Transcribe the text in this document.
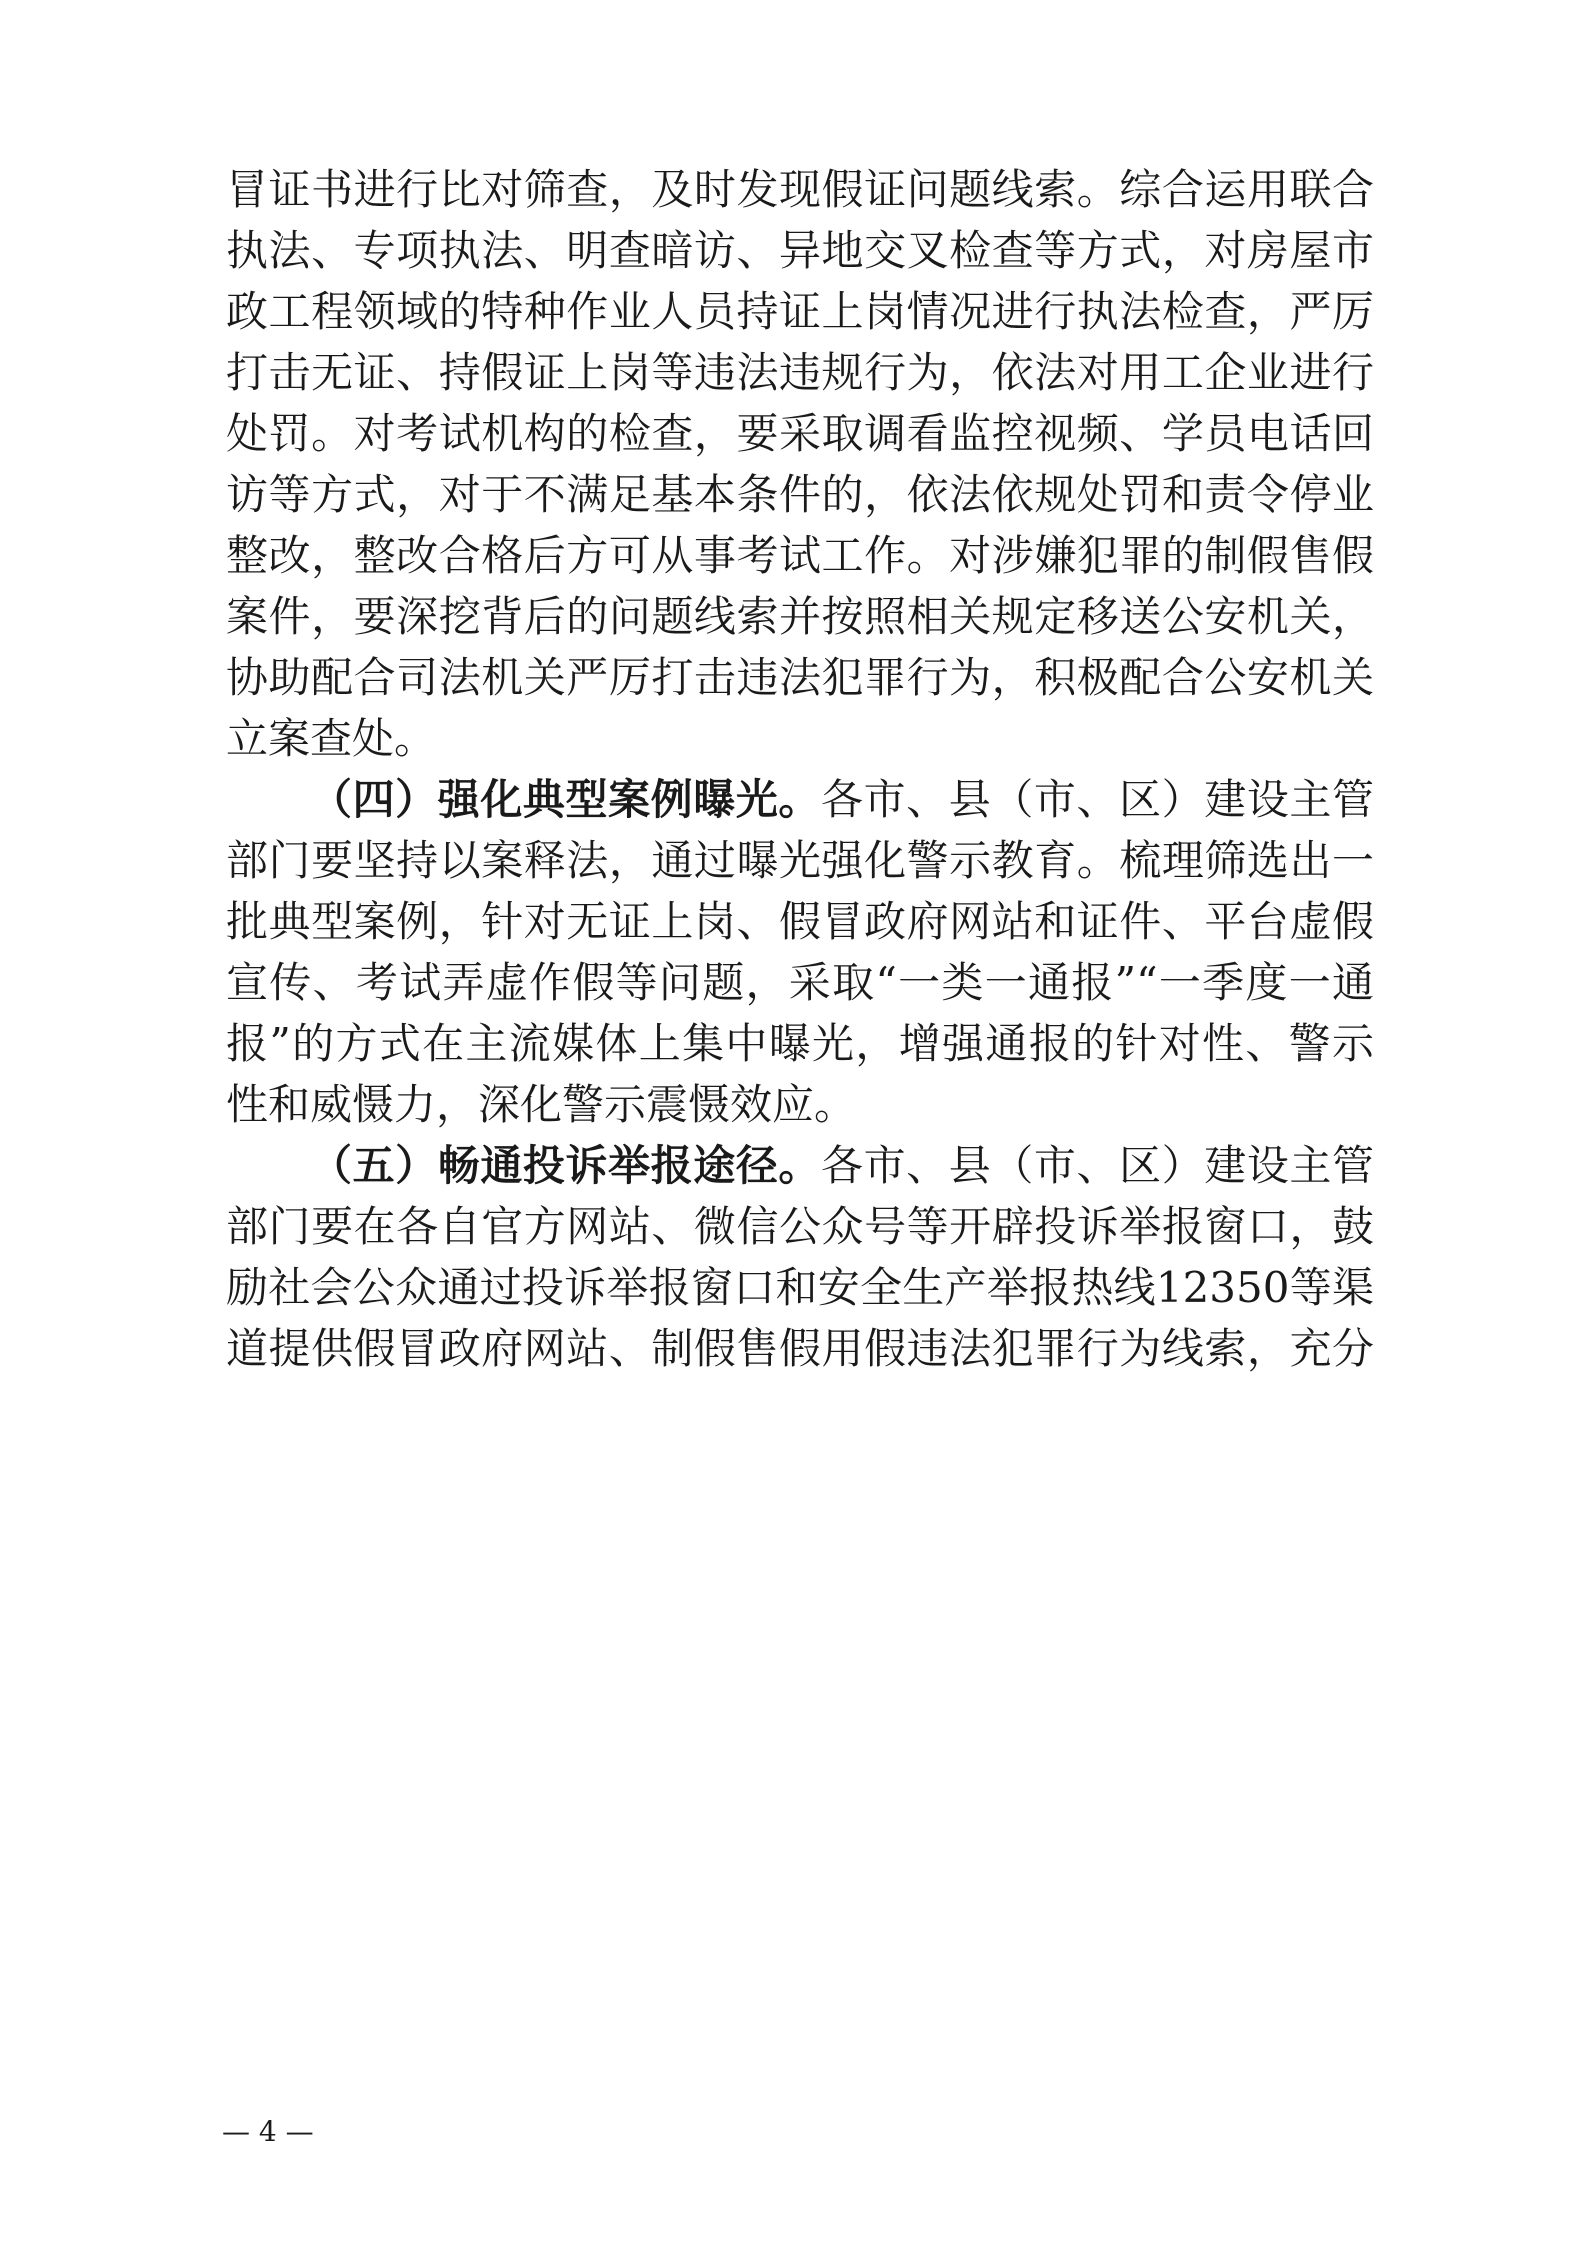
冒证书进行比对筛查，及时发现假证问题线索。综合运用联合
执法、专项执法、明查暗访、异地交叉检查等方式，对房屋市
政工程领域的特种作业人员持证上岗情况进行执法检查，严厉
打击无证、持假证上岗等违法违规行为，依法对用工企业进行
处罚。对考试机构的检查，要采取调看监控视频、学员电话回
访等方式，对于不满足基本条件的，依法依规处罚和责令停业
整改，整改合格后方可从事考试工作。对涉嫌犯罪的制假售假
案件，要深挖背后的问题线索并按照相关规定移送公安机关，
协助配合司法机关严厉打击违法犯罪行为，积极配合公安机关
立案查处。
（四）强化典型案例曝光。各市、县（市、区）建设主管
部门要坚持以案释法，通过曝光强化警示教育。梳理筛选出一
批典型案例，针对无证上岗、假冒政府网站和证件、平台虚假
宣传、考试弄虚作假等问题，采取“一类一通报”“一季度一通
报”的方式在主流媒体上集中曝光，增强通报的针对性、警示
性和威慑力，深化警示震慑效应。
（五）畅通投诉举报途径。各市、县（市、区）建设主管
部门要在各自官方网站、微信公众号等开辟投诉举报窗口，鼓
励社会公众通过投诉举报窗口和安全生产举报热线12350等渠
道提供假冒政府网站、制假售假用假违法犯罪行为线索，充分
— 4 —
